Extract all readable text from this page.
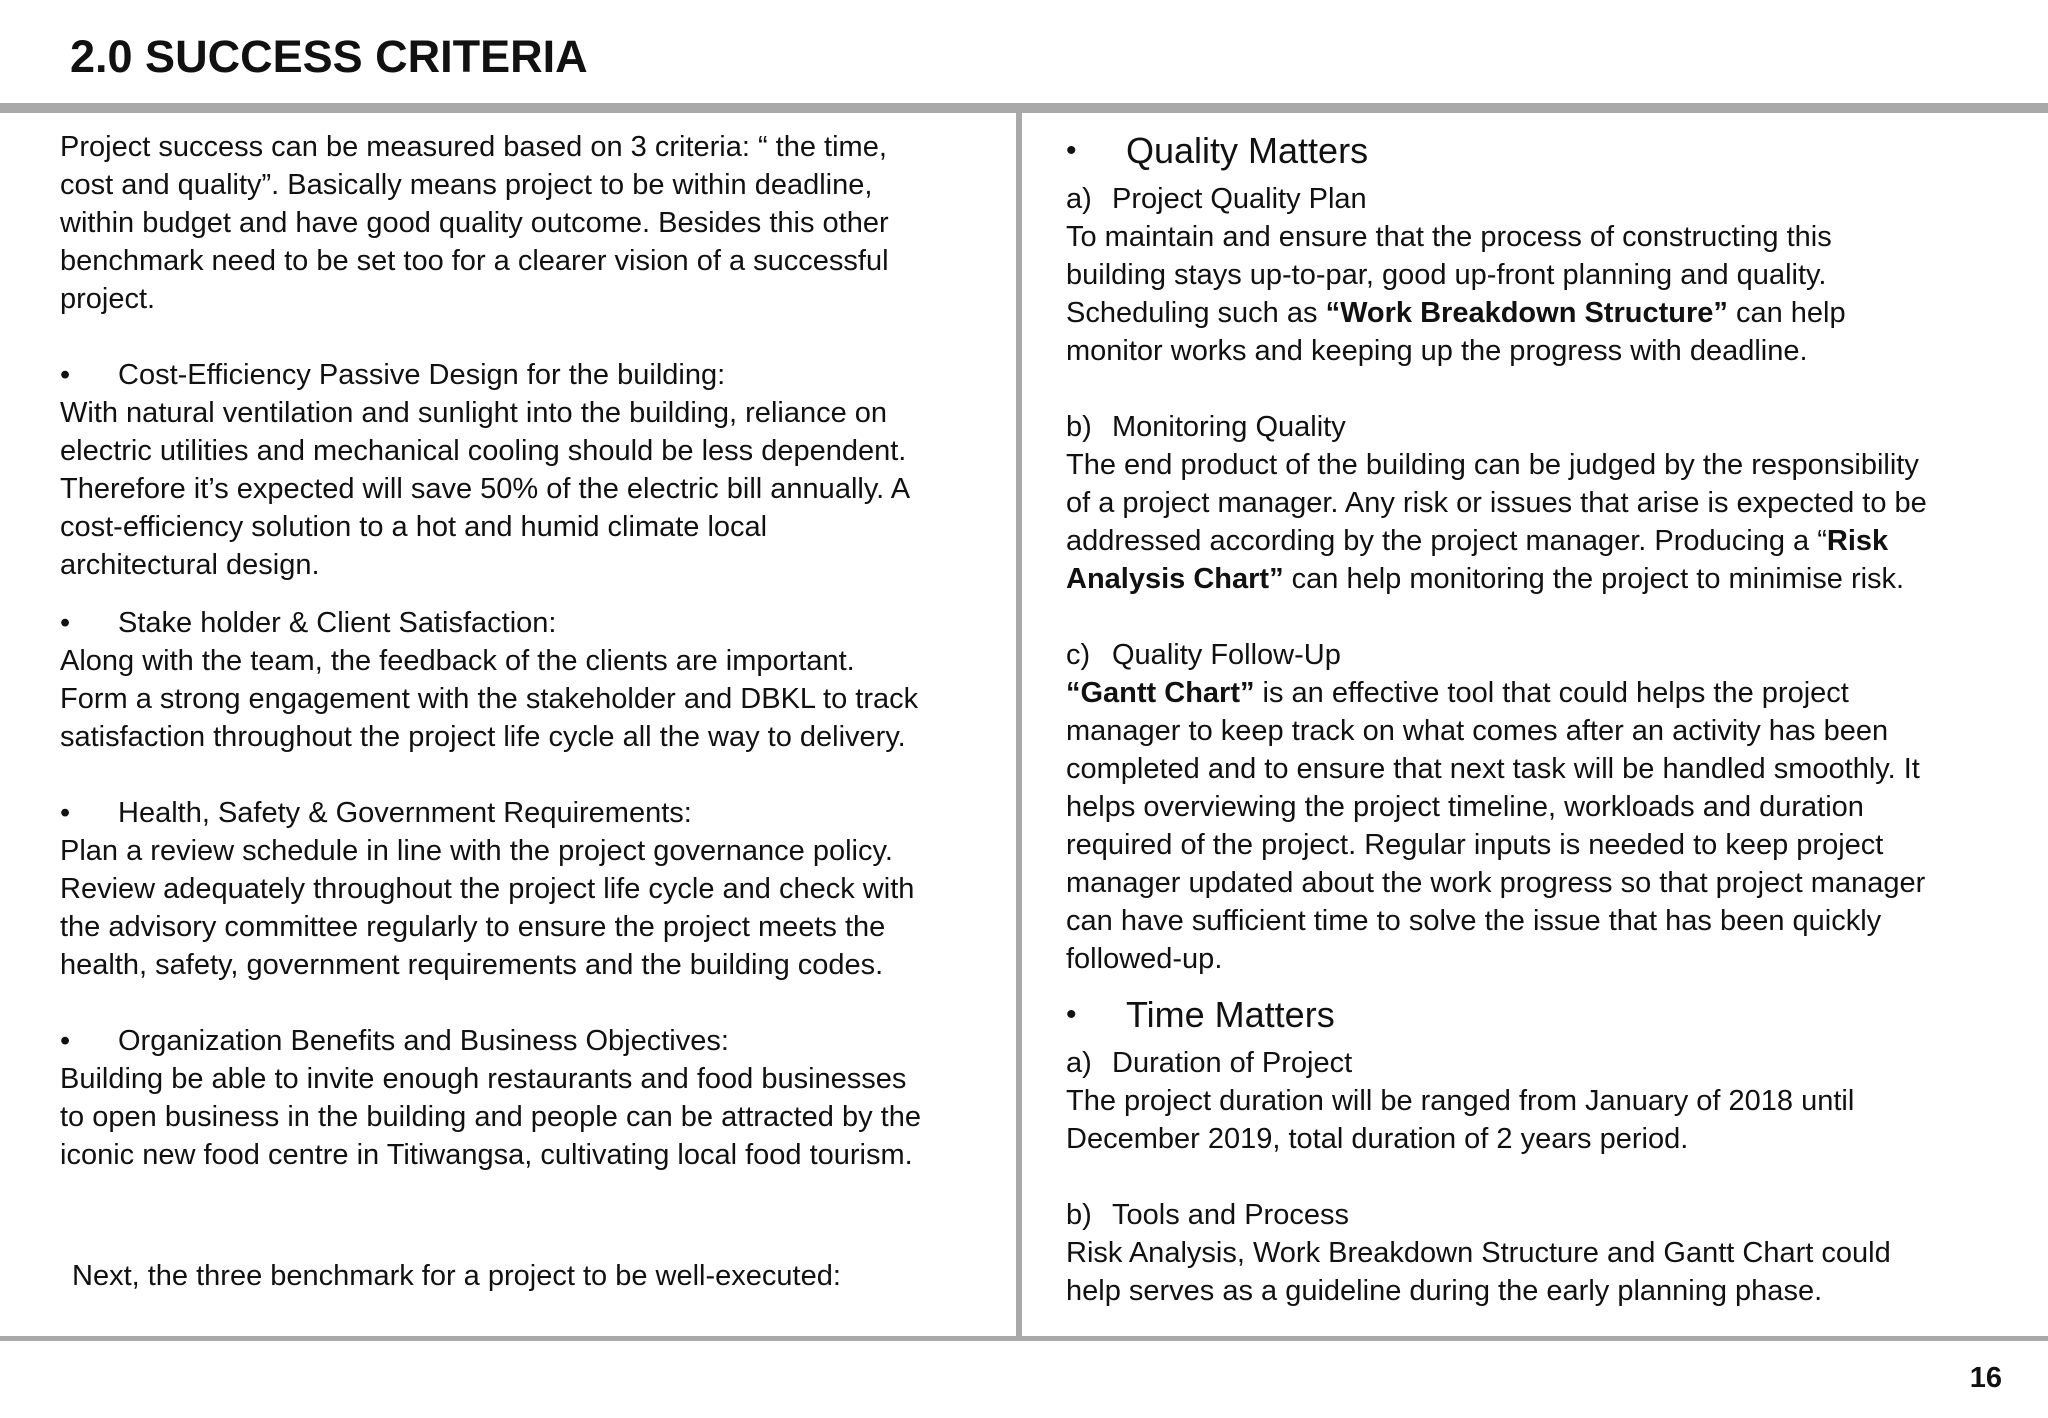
2.0 SUCCESS CRITERIA

Project success can be measured based on 3 criteria: “ the time,

cost and quality”. Basically means project to be within deadline,

within budget and have good quality outcome. Besides this other

benchmark need to be set too for a clearer vision of a successful

project.

•	Cost-Efficiency Passive Design for the building:

With natural ventilation and sunlight into the building, reliance on

electric utilities and mechanical cooling should be less dependent.

Therefore it’s expected will save 50% of the electric bill annually. A

cost-efficiency solution to a hot and humid climate local

architectural design.

•	Stake holder & Client Satisfaction:

Along with the team, the feedback of the clients are important.

Form a strong engagement with the stakeholder and DBKL to track

satisfaction throughout the project life cycle all the way to delivery.

•	Health, Safety & Government Requirements:

Plan a review schedule in line with the project governance policy.

Review adequately throughout the project life cycle and check with

the advisory committee regularly to ensure the project meets the

health, safety, government requirements and the building codes.

•	Organization Benefits and Business Objectives:

Building be able to invite enough restaurants and food businesses

to open business in the building and people can be attracted by the

iconic new food centre in Titiwangsa, cultivating local food tourism.

Next, the three benchmark for a project to be well-executed:

•	Quality Matters

a) Project Quality Plan

To maintain and ensure that the process of constructing this

building stays up-to-par, good up-front planning and quality.

Scheduling such as “Work Breakdown Structure” can help

monitor works and keeping up the progress with deadline.

b) Monitoring Quality

The end product of the building can be judged by the responsibility

of a project manager. Any risk or issues that arise is expected to be

addressed according by the project manager. Producing a “Risk

Analysis Chart” can help monitoring the project to minimise risk.

c) Quality Follow-Up

“Gantt Chart” is an effective tool that could helps the project

manager to keep track on what comes after an activity has been

completed and to ensure that next task will be handled smoothly. It

helps overviewing the project timeline, workloads and duration

required of the project. Regular inputs is needed to keep project

manager updated about the work progress so that project manager

can have sufficient time to solve the issue that has been quickly

followed-up.

•	Time Matters

a) Duration of Project

The project duration will be ranged from January of 2018 until

December 2019, total duration of 2 years period.

b) Tools and Process

Risk Analysis, Work Breakdown Structure and Gantt Chart could

help serves as a guideline during the early planning phase.

16
